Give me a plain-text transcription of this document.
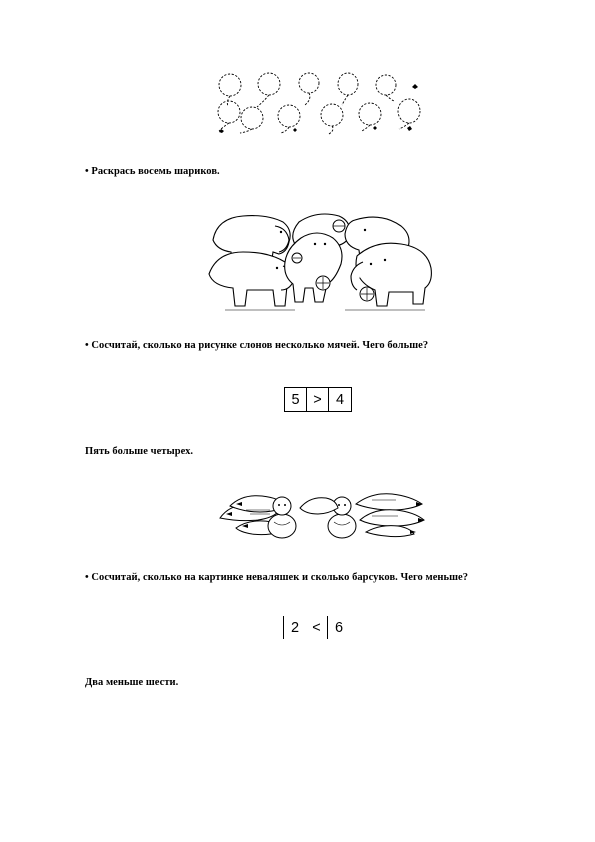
• Раскрась восемь шариков.
• Сосчитай, сколько на рисунке слонов несколько мячей. Чего больше?
5 > 4
Пять больше четырех.
• Сосчитай, сколько на картинке неваляшек и сколько барсуков. Чего меньше?
2 < 6
Два меньше шести.
